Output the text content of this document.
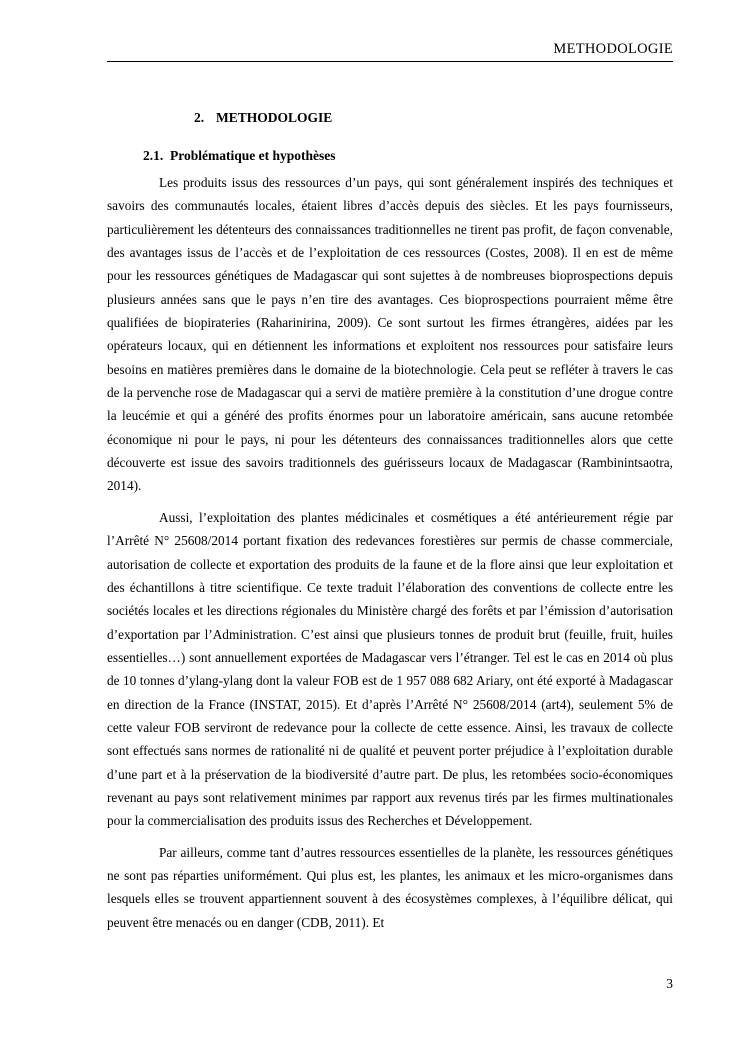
METHODOLOGIE
2. METHODOLOGIE
2.1. Problématique et hypothèses

Les produits issus des ressources d’un pays, qui sont généralement inspirés des techniques et savoirs des communautés locales, étaient libres d’accès depuis des siècles. Et les pays fournisseurs, particulièrement les détenteurs des connaissances traditionnelles ne tirent pas profit, de façon convenable, des avantages issus de l’accès et de l’exploitation de ces ressources (Costes, 2008). Il en est de même pour les ressources génétiques de Madagascar qui sont sujettes à de nombreuses bioprospections depuis plusieurs années sans que le pays n’en tire des avantages. Ces bioprospections pourraient même être qualifiées de biopirateries (Raharinirina, 2009). Ce sont surtout les firmes étrangères, aidées par les opérateurs locaux, qui en détiennent les informations et exploitent nos ressources pour satisfaire leurs besoins en matières premières dans le domaine de la biotechnologie. Cela peut se refléter à travers le cas de la pervenche rose de Madagascar qui a servi de matière première à la constitution d’une drogue contre la leucémie et qui a généré des profits énormes pour un laboratoire américain, sans aucune retombée économique ni pour le pays, ni pour les détenteurs des connaissances traditionnelles alors que cette découverte est issue des savoirs traditionnels des guérisseurs locaux de Madagascar (Rambinintsaotra, 2014).

Aussi, l’exploitation des plantes médicinales et cosmétiques a été antérieurement régie par l’Arrêté N° 25608/2014 portant fixation des redevances forestières sur permis de chasse commerciale, autorisation de collecte et exportation des produits de la faune et de la flore ainsi que leur exploitation et des échantillons à titre scientifique. Ce texte traduit l’élaboration des conventions de collecte entre les sociétés locales et les directions régionales du Ministère chargé des forêts et par l’émission d’autorisation d’exportation par l’Administration. C’est ainsi que plusieurs tonnes de produit brut (feuille, fruit, huiles essentielles…) sont annuellement exportées de Madagascar vers l’étranger. Tel est le cas en 2014 où plus de 10 tonnes d’ylang-ylang dont la valeur FOB est de 1 957 088 682 Ariary, ont été exporté à Madagascar en direction de la France (INSTAT, 2015). Et d’après l’Arrêté N° 25608/2014 (art4), seulement 5% de cette valeur FOB serviront de redevance pour la collecte de cette essence. Ainsi, les travaux de collecte sont effectués sans normes de rationalité ni de qualité et peuvent porter préjudice à l’exploitation durable d’une part et à la préservation de la biodiversité d’autre part. De plus, les retombées socio-économiques revenant au pays sont relativement minimes par rapport aux revenus tirés par les firmes multinationales pour la commercialisation des produits issus des Recherches et Développement.

Par ailleurs, comme tant d’autres ressources essentielles de la planète, les ressources génétiques ne sont pas réparties uniformément. Qui plus est, les plantes, les animaux et les micro-organismes dans lesquels elles se trouvent appartiennent souvent à des écosystèmes complexes, à l’équilibre délicat, qui peuvent être menacés ou en danger (CDB, 2011). Et

3
